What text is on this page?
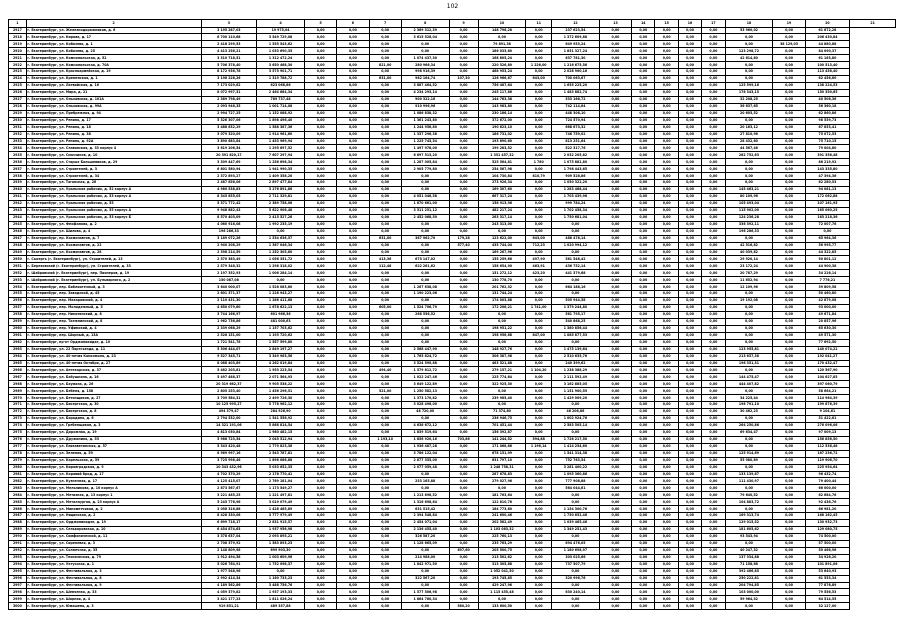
102
1	2	3	4	5	6	7	8	9	10	11	12	13	14	15	16	17	18	19	20	21
2917	г. Екатеринбург, ул. Железнодорожников, д. 6	3 195 287,03	19 975,04	0,00	0,00	0,00	2 369 312,39	0,00	148 796,28	0,00	237 623,54	0,00	0,00	0,00	0,00	0,00	53 960,02	0,00	61 672,28	
2918	г. Екатеринбург, ул. Кирова, д. 17	6 700 110,68	3 549 729,08	0,00	0,00	0,00	3 615 528,04	0,00	0,00	0,00	1 372 609,88	0,00	0,00	0,00	0,00	0,00	0,00	0,00	206 430,84	
2919	г. Екатеринбург, ул. Кобозева, д. 1	2 418 299,53	1 555 543,62	0,00	0,00	0,00	0,00	0,00	79 891,38	0,00	649 953,24	0,00	0,00	0,00	0,00	0,00	0,00	38 129,03	44 880,88	
2920	г. Екатеринбург, ул. Кобозева, д. 25	4 413 256,21	1 033 690,35	0,00	0,00	0,00	0,00	0,00	186 033,60	0,00	1 851 327,24	0,00	0,00	0,00	0,00	0,00	123 298,72	0,00	84 090,37	
2921	г. Екатеринбург, ул. Комсомольская, д. 52	3 310 718,51	1 312 472,24	0,00	0,00	0,00	1 074 437,30	0,00	168 805,24	0,00	637 781,30	0,00	0,00	0,00	0,00	0,00	42 614,80	0,00	61 163,80	
2922	г. Екатеринбург, ул. Комсомольская, д. 70А	5 706 378,40	3 650 468,30	0,00	0,00	821,00	280 966,34	0,00	220 526,80	1 226,00	1 216 675,56	0,00	0,00	0,00	0,00	0,00	0,00	0,00	100 513,40	
2923	г. Екатеринбург, ул. Красноармейская, д. 19	8 172 936,78	3 575 901,71	0,00	0,00	0,00	998 916,39	0,00	468 953,24	0,00	2 028 900,16	0,00	0,00	0,00	0,00	0,00	0,00	0,00	113 458,40	
2924	г. Екатеринбург, ул. Кременская, д. 1	3 198 228,26	1 319 788,72	0,00	0,00	631,00	982 164,74	107,30	126 966,67	643,00	700 063,67	0,00	0,00	0,00	0,00	0,00	0,00	0,00	62 456,60	
2925	г. Екатеринбург, ул. Латвийская, д. 16	7 173 029,62	623 068,86	0,00	0,00	0,00	3 887 464,52	0,00	756 487,64	0,00	1 655 225,20	0,00	0,00	0,00	0,00	0,00	125 599,16	0,00	138 224,53	
2926	г. Екатеринбург, ул. Мира, д. 21	8 072 997,31	2 464 684,34	0,00	0,00	0,00	4 234 293,14	0,00	245 117,86	0,00	1 483 882,74	0,00	0,00	0,00	0,00	0,00	176 343,15	0,00	150 350,65	
2927	г. Екатеринбург, ул. Ольховская, д. 101А	2 389 798,49	789 737,48	0,00	0,00	0,00	900 322,16	0,00	144 763,38	0,00	533 166,72	0,00	0,00	0,00	0,00	0,00	32 208,25	0,00	40 506,36	
2928	г. Екатеринбург, ул. Ольховская, д. 99А	2 093 946,35	1 001 714,08	0,00	0,00	0,00	910 996,96	0,00	143 983,80	0,00	742 114,64	0,00	0,00	0,00	0,00	0,00	36 637,65	0,00	56 360,18	
2929	г. Екатеринбург, ул. Пребрежная, д. 94	2 994 727,25	1 152 088,92	0,00	0,00	0,00	1 086 838,32	0,00	230 186,14	0,00	448 308,10	0,00	0,00	0,00	0,00	0,00	20 605,52	0,00	62 860,86	
2930	г. Екатеринбург, ул. Репина, д. 17	5 326 307,06	1 898 496,40	0,00	0,00	0,00	1 361 243,80	0,00	372 672,00	0,00	724 570,94	0,00	0,00	0,00	0,00	0,00	0,00	0,00	98 559,73	
2931	г. Екатеринбург, ул. Репина, д. 18	3 488 632,29	1 588 387,36	0,00	0,00	0,00	1 244 956,80	0,00	190 623,10	0,00	668 673,32	0,00	0,00	0,00	0,00	0,00	20 163,12	0,00	67 853,41	
2932	г. Екатеринбург, ул. Репина, д. 38	3 079 320,09	1 914 961,60	0,00	0,00	0,00	1 337 296,38	0,00	186 731,02	0,00	746 759,02	0,00	0,00	0,00	0,00	0,00	27 810,96	0,00	75 072,53	
2933	г. Екатеринбург, ул. Репина, д. 92А	3 890 683,84	1 453 969,94	0,00	0,00	0,00	1 225 745,54	0,00	193 690,60	0,00	813 251,64	0,00	0,00	0,00	0,00	0,00	28 432,60	0,00	75 710,15	
2934	г. Екатеринбург, ул. Славянская, д. 33 корпус 4	3 619 206,54	1 295 697,52	0,00	0,00	0,00	1 497 978,00	0,00	199 283,52	0,00	522 317,76	0,00	0,00	0,00	0,00	0,00	44 567,46	0,00	79 004,80	
2935	г. Екатеринбург, ул. Смазчиков, д. 10	20 391 820,17	7 607 297,94	0,00	0,00	0,00	6 697 513,20	0,00	1 351 457,32	0,00	2 032 205,82	0,00	0,00	0,00	0,00	0,00	282 752,63	0,00	391 356,48	
2936	г. Екатеринбург, ул. Старых Большевиков, д. 29	3 309 447,69	1 256 698,34	0,00	0,00	0,00	1 287 005,84	0,00	525 564,81	1 780	1 075 882,80	0,00	0,00	0,00	0,00	0,00	0,00	0,00	86 219,92	
2937	г. Екатеринбург, ул. Строителей, д. 3	6 801 580,94	1 941 990,35	0,00	0,00	0,00	2 905 779,80	0,00	254 567,98	0,00	1 798 443,65	0,00	0,00	0,00	0,00	0,00	0,00	0,00	143 335,80	
2938	г. Екатеринбург, ул. Строителей, д. 34	2 372 893,27	1 409 358,20	0,00	0,00	0,00	0,00	0,00	104 730,84	810,79	909 528,86	0,00	0,00	0,00	0,00	0,00	0,00	0,00	47 394,36	
2939	г. Екатеринбург, ул. Таганская, д. 26	2 487 856,06	2 897 477,84	0,00	0,00	0,00	0,00	0,00	273 926,34	0,00	1 050 322,20	0,00	0,00	0,00	0,00	0,00	0,00	0,00	62 280,53	
2940	г. Екатеринбург, ул. Уральских рабочих, д. 52 корпус А	4 980 538,83	3 276 891,86	0,00	0,00	0,00	0,00	0,00	169 307,60	0,00	1 283 468,44	0,00	0,00	0,00	0,00	0,00	145 463,21	0,00	94 081,13	
2941	г. Екатеринбург, ул. Уральских рабочих, д. 53 корпус А	8 345 855,05	2 711 329,81	0,00	0,00	0,00	4 051 048,58	0,00	667 317,24	0,00	1 703 439,96	0,00	0,00	0,00	0,00	0,00	80 109,96	0,00	172 062,88	
2942	г. Екатеринбург, ул. Уральских рабочих, д. 55	5 371 772,42	2 389 758,06	0,00	0,00	0,00	1 870 661,00	0,00	158 913,96	0,00	999 784,24	0,00	0,00	0,00	0,00	0,00	105 493,04	0,00	107 161,95	
2943	г. Екатеринбург, ул. Уральских рабочих, д. 55 корпус А	9 948 882,43	5 622 906,48	0,00	0,00	0,00	3 511 251,12	0,00	482 217,24	0,00	1 702 458,34	0,00	0,00	0,00	0,00	0,00	115 902,00	0,00	165 060,25	
2944	г. Екатеринбург, ул. Уральских рабочих, д. 53 корпус Б	8 570 403,09	2 415 527,26	0,00	0,00	0,00	2 452 068,50	0,00	263 317,14	0,00	1 750 681,04	0,00	0,00	0,00	0,00	0,00	124 236,28	0,00	163 218,36	
2945	г. Екатеринбург, ул. Феофанова, д. 2	4 060 916,08	1 992 235,19	0,00	0,00	0,00	0,00	0,00	243 313,00	0,00	0,00	0,00	0,00	0,00	0,00	0,00	336 392,11	0,00	72 007,76	
2946	г. Екатеринбург, ул. Шилова, д. 4	196 286,33	0,00	0,00	0,00	0,00	0,00	0,00	0,00	0,00	0,00	0,00	0,00	0,00	0,00	0,00	196 286,33	0,00	0,00	
2947	г. Екатеринбург, пр. Космонавтов, д. 7	3 189 072,26	1 534 636,57	0,00	0,00	631,00	387 962,70	179,28	123 622,00	643,00	488 478,14	0,00	0,00	0,00	0,00	0,00	0,00	0,00	65 964,36	
2948	г. Екатеринбург, ул. Космонавтов, д. 22	2 940 208,29	1 387 046,34	0,00	0,00	0,00	0,00	577,40	435 744,04	712,23	1 020 994,12	0,00	0,00	0,00	0,00	0,00	42 516,82	0,00	56 995,77	
2949	г. Екатеринбург, ул. Космонавтов, д. 28	2 398 214,59	1 252 305,60	0,00	0,00	0,00	0,00	0,00	169 267,96	0,00	0,00	0,00	0,00	0,00	0,00	0,00	40 039,82	0,00	44 322,85	
2950	г. Сысерть (г. Екатеринбург), ул. Строителей, д. 13	2 570 383,49	1 056 351,72	0,00	0,00	413,36	675 147,02	0,00	155 259,66	497,90	581 548,42	0,00	0,00	0,00	0,00	0,00	29 920,14	0,00	50 801,12	
2951	г. Березовский (г. Екатеринбург), ул. Строителей, д. 33	2 579 348,32	1 298 318,02	0,00	0,00	112,48	622 261,62	0,00	158 654,90	463,91	436 752,14	0,00	0,00	0,00	0,00	0,00	23 172,24	0,00	44 900,38	
2952	г. Шабровский (г. Екатеринбург), пер. Пионеров, д. 19	2 197 352,93	1 006 284,14	0,00	0,00	0,00	0,00	0,00	151 272,12	423,20	441 379,68	0,00	0,00	0,00	0,00	0,00	20 787,29	0,00	34 226,14	
2953	г. Шабровский (г. Екатеринбург), ул. Бульварного, д. 2	150 087,08	0,00	0,00	0,00	0,00	0,00	0,00	130 778,70	0,00	0,00	0,00	0,00	0,00	0,00	0,00	11 652,94	0,00	7 776,21	
2954	г. Екатеринбург, пер. Библиотечный, д. 3	3 640 000,07	1 528 083,60	0,00	0,00	0,00	1 267 638,08	0,00	201 762,32	0,00	664 188,16	0,00	0,00	0,00	0,00	0,00	12 109,96	0,00	39 809,58	
2955	г. Екатеринбург, пер. Заводской, д. 45	2 601 371,37	1 228 943,27	0,00	0,00	0,00	1 190 223,06	0,00	131 744,24	0,00	0,00	0,00	0,00	0,00	0,00	0,00	0,00	0,00	50 460,80	
2956	г. Екатеринбург, пер. Макаровский, д. 4	2 110 431,30	1 286 411,68	0,00	0,00	0,00	0,00	0,00	174 003,88	0,00	505 944,58	0,00	0,00	0,00	0,00	0,00	19 192,08	0,00	42 879,08	
2957	г. Екатеринбург, пер. Молодежный, д. 5	4 650 079,60	1 678 622,13	0,00	0,00	605,00	1 524 706,79	0,00	172 206,21	1 741,00	1 379 244,80	0,00	0,00	0,00	0,00	0,00	0,00	0,00	93 000,00	
2958	г. Екатеринбург, пер. Никитинский, д. 8	3 744 166,97	601 966,36	0,00	0,00	0,00	268 556,52	0,00	0,00	0,00	561 795,17	0,00	0,00	0,00	0,00	0,00	0,00	0,00	49 671,84	
2959	г. Екатеринбург, пер. Таежнинский, д. 8	1 962 736,86	481 000,63	0,00	0,00	0,00	0,00	0,00	0,00	0,00	540 868,25	0,00	0,00	0,00	0,00	0,00	0,00	0,00	20 857,96	
2960	г. Екатеринбург, пер. Уфимский, д. 4	2 339 068,29	1 157 703,62	0,00	0,00	0,00	0,00	0,00	198 951,22	0,00	1 380 856,44	0,00	0,00	0,00	0,00	0,00	0,00	0,00	65 630,30	
2961	г. Екатеринбург, пер. Шорный, д. 13А	2 528 151,00	1 193 720,62	0,00	0,00	0,00	0,00	0,00	198 956,68	847,00	1 085 877,53	0,00	0,00	0,00	0,00	0,00	0,00	0,00	49 571,30	
2962	г. Екатеринбург, пр-кт Орджоникидзе, д. 10	1 721 541,78	1 557 599,80	0,00	0,00	0,00	0,00	0,00	0,00	0,00	0,00	0,00	0,00	0,00	0,00	0,00	0,00	0,00	77 692,50	
2963	г. Екатеринбург, ул. 22 Партсъезда, д. 11	5 306 444,07	2 849 197,27	0,00	0,00	0,00	2 568 447,90	0,00	148 927,76	0,00	1 475 139,64	0,00	0,00	0,00	0,00	0,00	123 955,81	0,00	140 074,22	
2964	г. Екатеринбург, ул. 40-летия Комсомола, д. 23	9 527 345,71	3 349 963,56	0,00	0,00	0,00	1 765 824,72	0,00	306 387,98	0,00	2 510 635,76	0,00	0,00	0,00	0,00	0,00	213 637,38	0,00	192 041,27	
2965	г. Екатеринбург, ул. 40-летия Октября, д. 27	8 088 403,89	4 262 019,84	0,00	0,00	0,00	3 524 590,88	0,00	463 521,88	0,00	240 399,62	0,00	0,00	0,00	0,00	0,00	196 351,31	0,00	170 432,47	
2966	г. Екатеринбург, ул. Аптекарская, д. 37	5 482 203,81	1 953 223,54	0,00	0,00	494,40	1 579 812,72	0,00	279 157,21	1 104,20	1 238 388,29	0,00	0,00	0,00	0,00	0,00	0,00	0,00	120 567,90	
2967	г. Екатеринбург, ул. Бабушкина, д. 16	5 497 488,37	2 071 564,93	0,00	0,00	0,00	1 022 247,46	0,00	225 774,64	0,00	2 111 592,49	0,00	0,00	0,00	0,00	0,00	144 475,47	0,00	104 627,85	
2968	г. Екатеринбург, ул. Баумана, д. 26	20 319 662,37	9 905 538,22	0,00	0,00	0,00	3 649 122,89	0,00	322 925,30	0,00	3 162 885,05	0,00	0,00	0,00	0,00	0,00	444 407,82	0,00	397 060,79	
2969	г. Екатеринбург, ул. Бебеля, д. 158	2 805 253,40	1 456 296,51	0,00	0,00	521,00	1 250 582,13	0,00	0,00	0,00	1 151 900,55	0,00	0,00	0,00	0,00	0,00	0,00	0,00	58 664,21	
2970	г. Екатеринбург, ул. Бетонщиков, д. 27	3 709 584,31	2 499 726,30	0,00	0,00	0,00	1 373 170,82	0,00	239 985,40	0,00	1 429 009,20	0,00	0,00	0,00	0,00	0,00	34 225,44	0,00	114 964,39	
2971	г. Екатеринбург, ул. Бисертская, д. 30	10 125 995,27	5 778 962,12	0,00	0,00	0,00	3 028 496,00	0,00	0,00	0,00	0,00	0,00	0,00	0,00	0,00	0,00	198 791,10	0,00	199 876,39	
2972	г. Екатеринбург, ул. Бисертская, д. 8	494 379,47	284 926,90	0,00	0,00	0,00	48 720,00	0,00	71 374,80	0,00	46 206,86	0,00	0,00	0,00	0,00	0,00	30 462,23	0,00	9 104,61	
2973	г. Екатеринбург, ул. Бородина, д. 6	2 794 532,00	1 541 556,92	0,00	0,00	0,00	0,00	0,00	236 946,75	0,00	1 002 924,76	0,00	0,00	0,00	0,00	0,00	0,00	0,00	51 422,61	
2974	г. Екатеринбург, ул. Гребенщиков, д. 3	14 321 191,06	5 868 814,54	0,00	0,00	0,00	4 638 672,12	0,00	701 451,44	0,00	2 583 505,14	0,00	0,00	0,00	0,00	0,00	264 250,86	0,00	276 096,06	
2975	г. Екатеринбург, ул. Дорожная, д. 19	4 813 030,84	1 980 482,15	0,00	0,00	0,00	1 839 519,64	0,00	156 392,87	0,00	0,00	0,00	0,00	0,00	0,00	0,00	69 634,47	0,00	97 009,13	
2976	г. Екатеринбург, ул. Дружинина, д. 53	5 988 723,54	2 045 512,94	0,00	0,00	1 193,10	1 856 920,16	703,86	141 244,52	594,88	1 726 217,50	0,00	0,00	0,00	0,00	0,00	0,00	0,00	156 856,50	
2977	г. Екатеринбург, ул. Елизаветинская, д. 57	5 343 420,48	1 779 823,36	0,00	0,00	0,00	1 936 487,28	0,00	171 068,86	1 196,14	1 414 254,60	0,00	0,00	0,00	0,00	0,00	0,00	0,00	112 536,48	
2978	г. Екатеринбург, ул. Зеленая, д. 59	8 969 997,16	2 543 787,81	0,00	0,00	0,00	3 786 122,04	0,00	678 151,99	0,00	1 541 314,38	0,00	0,00	0,00	0,00	0,00	125 914,69	0,00	167 236,72	
2979	г. Екатеринбург, ул. Карельская, д. 59	3 725 998,46	1 896 086,88	0,00	0,00	0,00	2 877 355,00	0,00	631 797,10	0,00	752 763,54	0,00	0,00	0,00	0,00	0,00	55 080,89	0,00	119 906,70	
2980	г. Екатеринбург, ул. Кировградская, д. 9	10 343 432,96	5 033 652,35	0,00	0,00	0,00	2 077 059,48	0,00	1 248 758,31	0,00	3 281 400,22	0,00	0,00	0,00	0,00	0,00	0,00	0,00	225 954,64	
2981	г. Екатеринбург, ул. Коровий брод, д. 17	4 702 370,29	2 178 770,41	0,00	0,00	0,00	0,00	0,00	287 678,83	0,00	1 095 360,86	0,00	0,00	0,00	0,00	0,00	133 139,67	0,00	96 432,74	
2982	г. Екатеринбург, ул. Кузнечная, д. 17	4 125 415,07	2 769 181,04	0,00	0,00	0,00	253 165,88	0,00	279 027,96	0,00	777 908,88	0,00	0,00	0,00	0,00	0,00	111 430,97	0,00	79 400,44	
2983	г. Екатеринбург, ул. Мельникова, д. 10 корпус А	2 873 567,67	1 173 549,27	0,00	0,00	0,00	0,00	0,00	0,00	0,00	564 044,61	0,00	0,00	0,00	0,00	0,00	0,00	0,00	66 000,00	
2984	г. Екатеринбург, ул. Метизная, д. 13 корпус 1	3 221 485,25	1 221 497,81	0,00	0,00	0,00	1 213 898,52	0,00	181 763,64	0,00	0,00	0,00	0,00	0,00	0,00	0,00	79 640,52	0,00	62 684,76	
2985	г. Екатеринбург, ул. Металлургов, д. 23 корпус А	5 245 776,96	3 019 079,49	0,00	0,00	0,00	1 316 698,64	0,00	122 810,78	0,00	0,00	0,00	0,00	0,00	0,00	0,00	104 883,72	0,00	92 436,76	
2986	г. Екатеринбург, ул. Минометчиков, д. 2	3 058 316,88	1 428 485,89	0,00	0,00	0,00	631 515,42	0,00	184 773,60	0,00	1 154 300,76	0,00	0,00	0,00	0,00	0,00	0,00	0,00	66 981,20	
2987	г. Екатеринбург, ул. Ницинская, д. 2	8 428 330,08	3 777 979,49	0,00	0,00	0,00	2 394 548,84	0,00	241 600,46	0,00	1 750 652,46	0,00	0,00	0,00	0,00	0,00	169 313,74	0,00	168 162,45	
2988	г. Екатеринбург, ул. Орджоникидзе, д. 19	6 699 718,17	2 831 915,57	0,00	0,00	0,00	2 454 071,04	0,00	202 582,49	0,00	1 039 465,46	0,00	0,00	0,00	0,00	0,00	129 015,52	0,00	130 932,73	
2989	г. Екатеринбург, ул. Селькоровская, д. 10	6 454 874,63	1 937 956,98	0,00	0,00	0,00	2 136 455,40	0,00	1 103 083,32	0,00	1 349 251,43	0,00	0,00	0,00	0,00	0,00	181 605,62	0,00	129 080,75	
2990	г. Екатеринбург, ул. Симфонической, д. 11	3 378 637,04	2 093 895,21	0,00	0,00	0,00	326 587,20	0,00	225 760,13	0,00	0,00	0,00	0,00	0,00	0,00	0,00	93 543,94	0,00	74 500,00	
2991	г. Екатеринбург, ул. Сиреневая, д. 3	2 708 379,92	1 583 893,23	0,00	0,00	0,00	1 128 665,09	0,00	235 763,29	0,00	694 476,05	0,00	0,00	0,00	0,00	0,00	0,00	0,00	57 500,00	
2992	г. Екатеринбург, ул. Солнечная, д. 35	2 148 809,98	699 903,30	0,00	0,00	0,00	0,00	897,60	205 500,75	0,00	1 180 698,97	0,00	0,00	0,00	0,00	0,00	40 247,32	0,00	50 466,96	
2993	г. Екатеринбург, ул. Техническая, д. 79	1 912 494,58	1 003 609,96	0,00	0,00	0,00	214 988,00	0,00	213 502,62	0,00	303 025,66	0,00	0,00	0,00	0,00	0,00	137 334,88	0,00	34 926,20	
2994	г. Екатеринбург, ул. Уктусская, д. 1	5 026 764,91	1 752 098,37	0,00	0,00	0,00	1 842 971,50	0,00	313 305,88	0,00	737 507,79	0,00	0,00	0,00	0,00	0,00	71 158,68	0,00	101 891,06	
2995	г. Екатеринбург, ул. Фестивальная, д. 3	1 977 548,96	0,00	0,00	0,00	0,00	0,00	0,00	1 052 041,50	0,00	0,00	0,00	0,00	0,00	0,00	0,00	392 466,85	0,00	53 640,93	
2996	г. Екатеринбург, ул. Фестивальная, д. 8	2 992 414,34	1 160 733,23	0,00	0,00	0,00	322 567,20	0,00	193 745,85	0,00	320 996,76	0,00	0,00	0,00	0,00	0,00	250 222,81	0,00	61 553,34	
2997	г. Екатеринбург, ул. Фестивальная, д. 9	4 189 562,86	3 488 756,76	0,00	0,00	0,00	0,00	0,00	429 247,96	0,00	0,00	0,00	0,00	0,00	0,00	0,00	204 794,85	0,00	77 876,89	
2998	г. Екатеринбург, ул. Шевченко, д. 33	4 059 379,82	1 937 193,33	0,00	0,00	0,00	1 577 506,98	0,00	1 115 455,48	0,00	630 240,14	0,00	0,00	0,00	0,00	0,00	103 000,00	0,00	79 556,53	
2999	г. Екатеринбург, ул. Шорная, д. 4	3 421 177,23	1 811 026,24	0,00	0,00	0,00	1 864 780,34	0,00	0,00	0,00	0,00	0,00	0,00	0,00	0,00	0,00	59 964,32	0,00	64 514,55	
3000	г. Екатеринбург, ул. Юмашева, д. 3	919 851,21	489 357,88	0,00	0,00	0,00	0,00	580,20	133 600,50	0,00	0,00	0,00	0,00	0,00	0,00	0,00	0,00	0,00	32 127,00	
